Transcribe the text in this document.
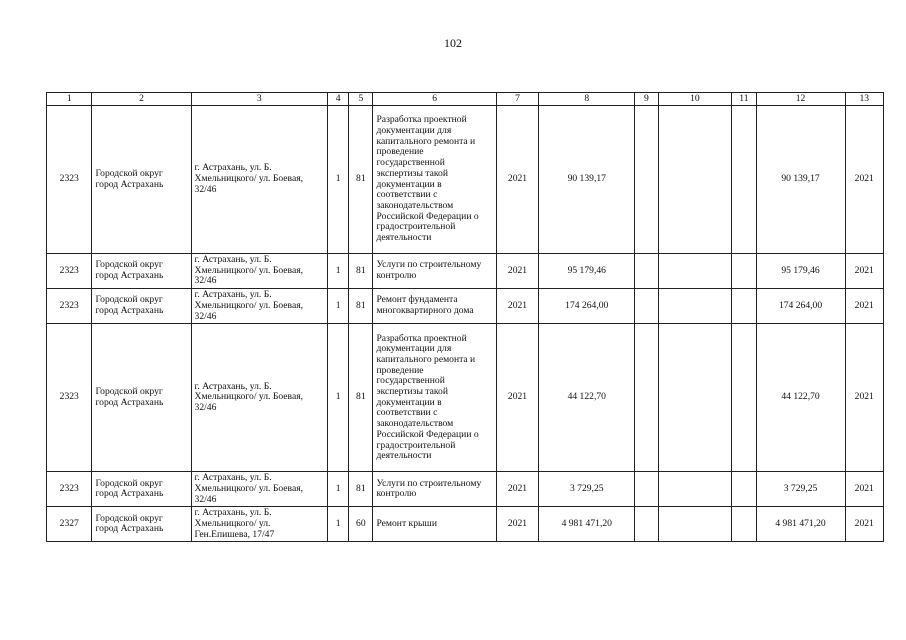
102
1	2	3	4	5	6	7	8	9	10	11	12	13
2323	Городской округ город Астрахань	г. Астрахань, ул. Б. Хмельницкого/ ул. Боевая, 32/46	1	81	Разработка проектной документации для капитального ремонта и проведение государственной экспертизы такой документации в соответствии с законодательством Российской Федерации о градостроительной деятельности	2021	90 139,17				90 139,17	2021
2323	Городской округ город Астрахань	г. Астрахань, ул. Б. Хмельницкого/ ул. Боевая, 32/46	1	81	Услуги по строительному контролю	2021	95 179,46				95 179,46	2021
2323	Городской округ город Астрахань	г. Астрахань, ул. Б. Хмельницкого/ ул. Боевая, 32/46	1	81	Ремонт фундамента многоквартирного дома	2021	174 264,00				174 264,00	2021
2323	Городской округ город Астрахань	г. Астрахань, ул. Б. Хмельницкого/ ул. Боевая, 32/46	1	81	Разработка проектной документации для капитального ремонта и проведение государственной экспертизы такой документации в соответствии с законодательством Российской Федерации о градостроительной деятельности	2021	44 122,70				44 122,70	2021
2323	Городской округ город Астрахань	г. Астрахань, ул. Б. Хмельницкого/ ул. Боевая, 32/46	1	81	Услуги по строительному контролю	2021	3 729,25				3 729,25	2021
2327	Городской округ город Астрахань	г. Астрахань, ул. Б. Хмельницкого/ ул. Ген.Епишева, 17/47	1	60	Ремонт крыши	2021	4 981 471,20				4 981 471,20	2021
